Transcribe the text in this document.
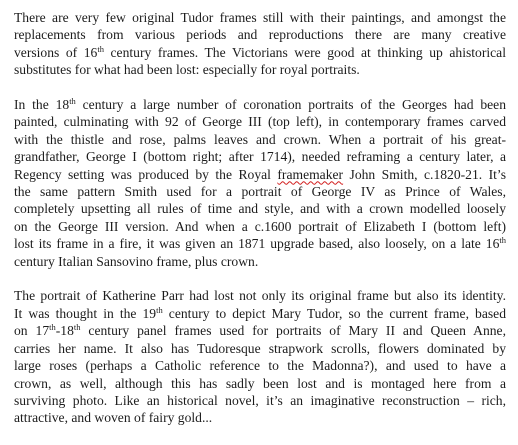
There are very few original Tudor frames still with their paintings, and amongst the
replacements from various periods and reproductions there are many creative
versions of 16th century frames. The Victorians were good at thinking up ahistorical
substitutes for what had been lost: especially for royal portraits.

In the 18th century a large number of coronation portraits of the Georges had been
painted, culminating with 92 of George III (top left), in contemporary frames carved
with the thistle and rose, palms leaves and crown. When a portrait of his great-
grandfather, George I (bottom right; after 1714), needed reframing a century later, a
Regency setting was produced by the Royal framemaker John Smith, c.1820-21. It’s
the same pattern Smith used for a portrait of George IV as Prince of Wales,
completely upsetting all rules of time and style, and with a crown modelled loosely
on the George III version. And when a c.1600 portrait of Elizabeth I (bottom left)
lost its frame in a fire, it was given an 1871 upgrade based, also loosely, on a late 16th
century Italian Sansovino frame, plus crown.

The portrait of Katherine Parr had lost not only its original frame but also its identity.
It was thought in the 19th century to depict Mary Tudor, so the current frame, based
on 17th-18th century panel frames used for portraits of Mary II and Queen Anne,
carries her name. It also has Tudoresque strapwork scrolls, flowers dominated by
large roses (perhaps a Catholic reference to the Madonna?), and used to have a
crown, as well, although this has sadly been lost and is montaged here from a
surviving photo. Like an historical novel, it’s an imaginative reconstruction – rich,
attractive, and woven of fairy gold...
